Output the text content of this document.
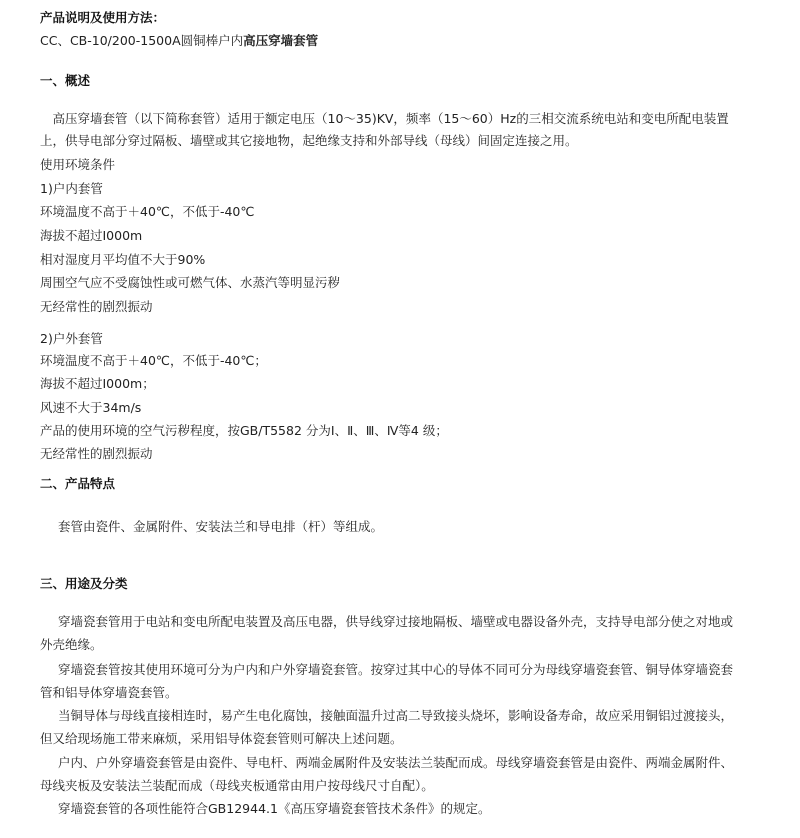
产品说明及使用方法：
CC、CB-10/200-1500A圆铜棒户内高压穿墙套管
一、概述
　高压穿墙套管（以下简称套管）适用于额定电压（10～35)KV，频率（15～60）Hz的三相交流系统电站和变电所配电装置
上，供导电部分穿过隔板、墙壁或其它接地物，起绝缘支持和外部导线（母线）间固定连接之用。
使用环境条件
1)户内套管
环境温度不高于＋40℃，不低于-40℃
海拔不超过I000m
相对湿度月平均值不大于90%
周围空气应不受腐蚀性或可燃气体、水蒸汽等明显污秽
无经常性的剧烈振动
2)户外套管
环境温度不高于＋40℃，不低于-40℃；
海拔不超过I000m；
风速不大于34m/s
产品的使用环境的空气污秽程度，按GB/T5582 分为Ⅰ、Ⅱ、Ⅲ、Ⅳ等4 级；
无经常性的剧烈振动
二、产品特点
套管由瓷件、金属附件、安装法兰和导电排（杆）等组成。
三、用途及分类
穿墙瓷套管用于电站和变电所配电装置及高压电器，供导线穿过接地隔板、墙壁或电器设备外壳，支持导电部分使之对地或
外壳绝缘。
穿墙瓷套管按其使用环境可分为户内和户外穿墙瓷套管。按穿过其中心的导体不同可分为母线穿墙瓷套管、铜导体穿墙瓷套
管和铝导体穿墙瓷套管。
当铜导体与母线直接相连时，易产生电化腐蚀，接触面温升过高二导致接头烧坏，影响设备寿命，故应采用铜铝过渡接头，
但又给现场施工带来麻烦，采用铝导体瓷套管则可解决上述问题。
户内、户外穿墙瓷套管是由瓷件、导电杆、两端金属附件及安装法兰装配而成。母线穿墙瓷套管是由瓷件、两端金属附件、
母线夹板及安装法兰装配而成（母线夹板通常由用户按母线尺寸自配）。
穿墙瓷套管的各项性能符合GB12944.1《高压穿墙瓷套管技术条件》的规定。
